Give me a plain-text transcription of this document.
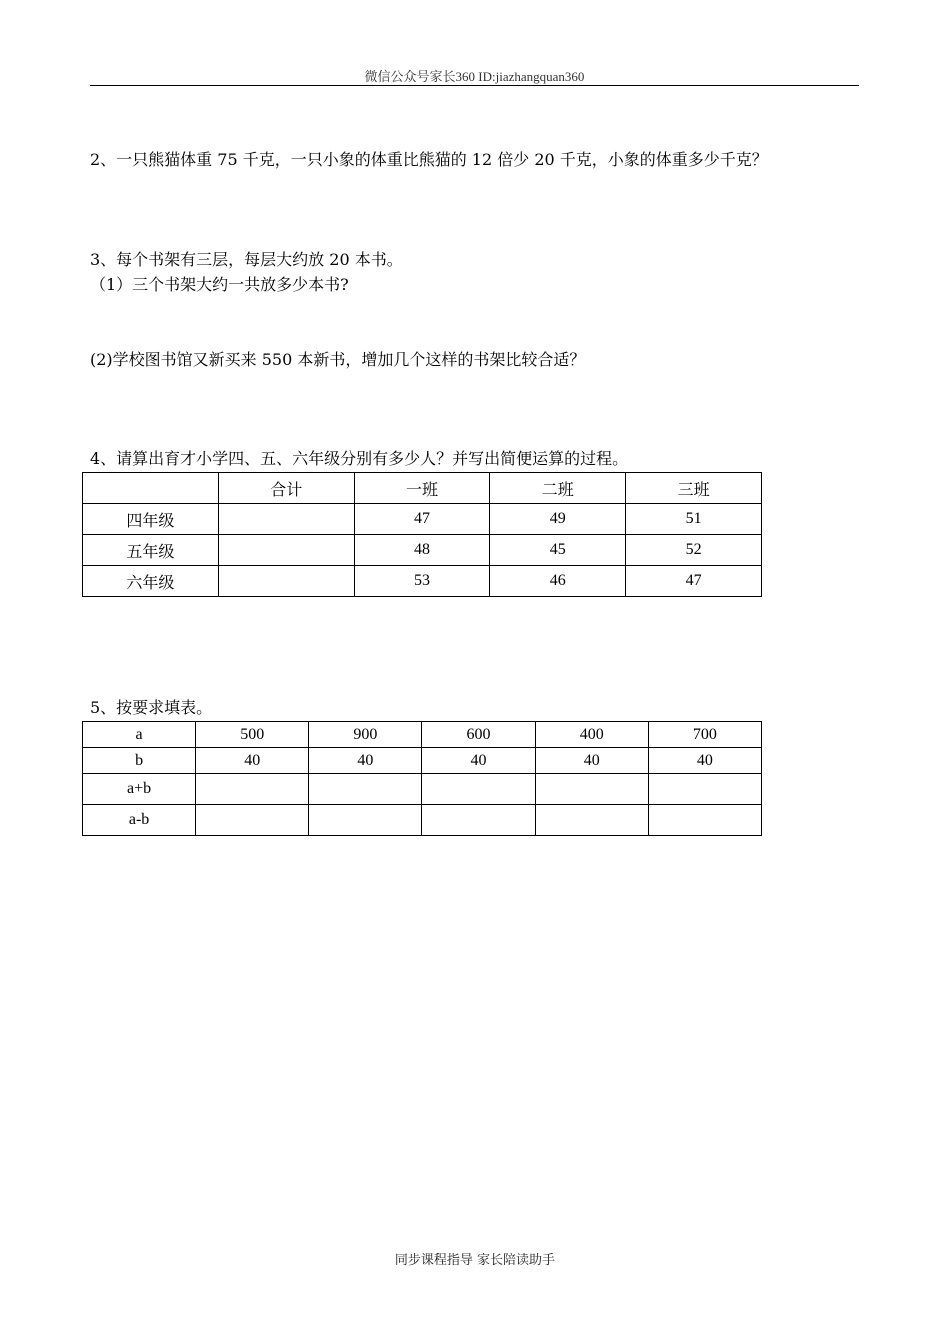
微信公众号家长360 ID:jiazhangquan360
2、一只熊猫体重 75 千克，一只小象的体重比熊猫的 12 倍少 20 千克，小象的体重多少千克？
3、每个书架有三层，每层大约放 20 本书。
（1）三个书架大约一共放多少本书?
(2)学校图书馆又新买来 550 本新书，增加几个这样的书架比较合适？
4、请算出育才小学四、五、六年级分别有多少人？并写出简便运算的过程。
	合计	一班	二班	三班
四年级		47	49	51
五年级		48	45	52
六年级		53	46	47
5、按要求填表。
a	500	900	600	400	700
b	40	40	40	40	40
a+b					
a-b					
同步课程指导 家长陪读助手
